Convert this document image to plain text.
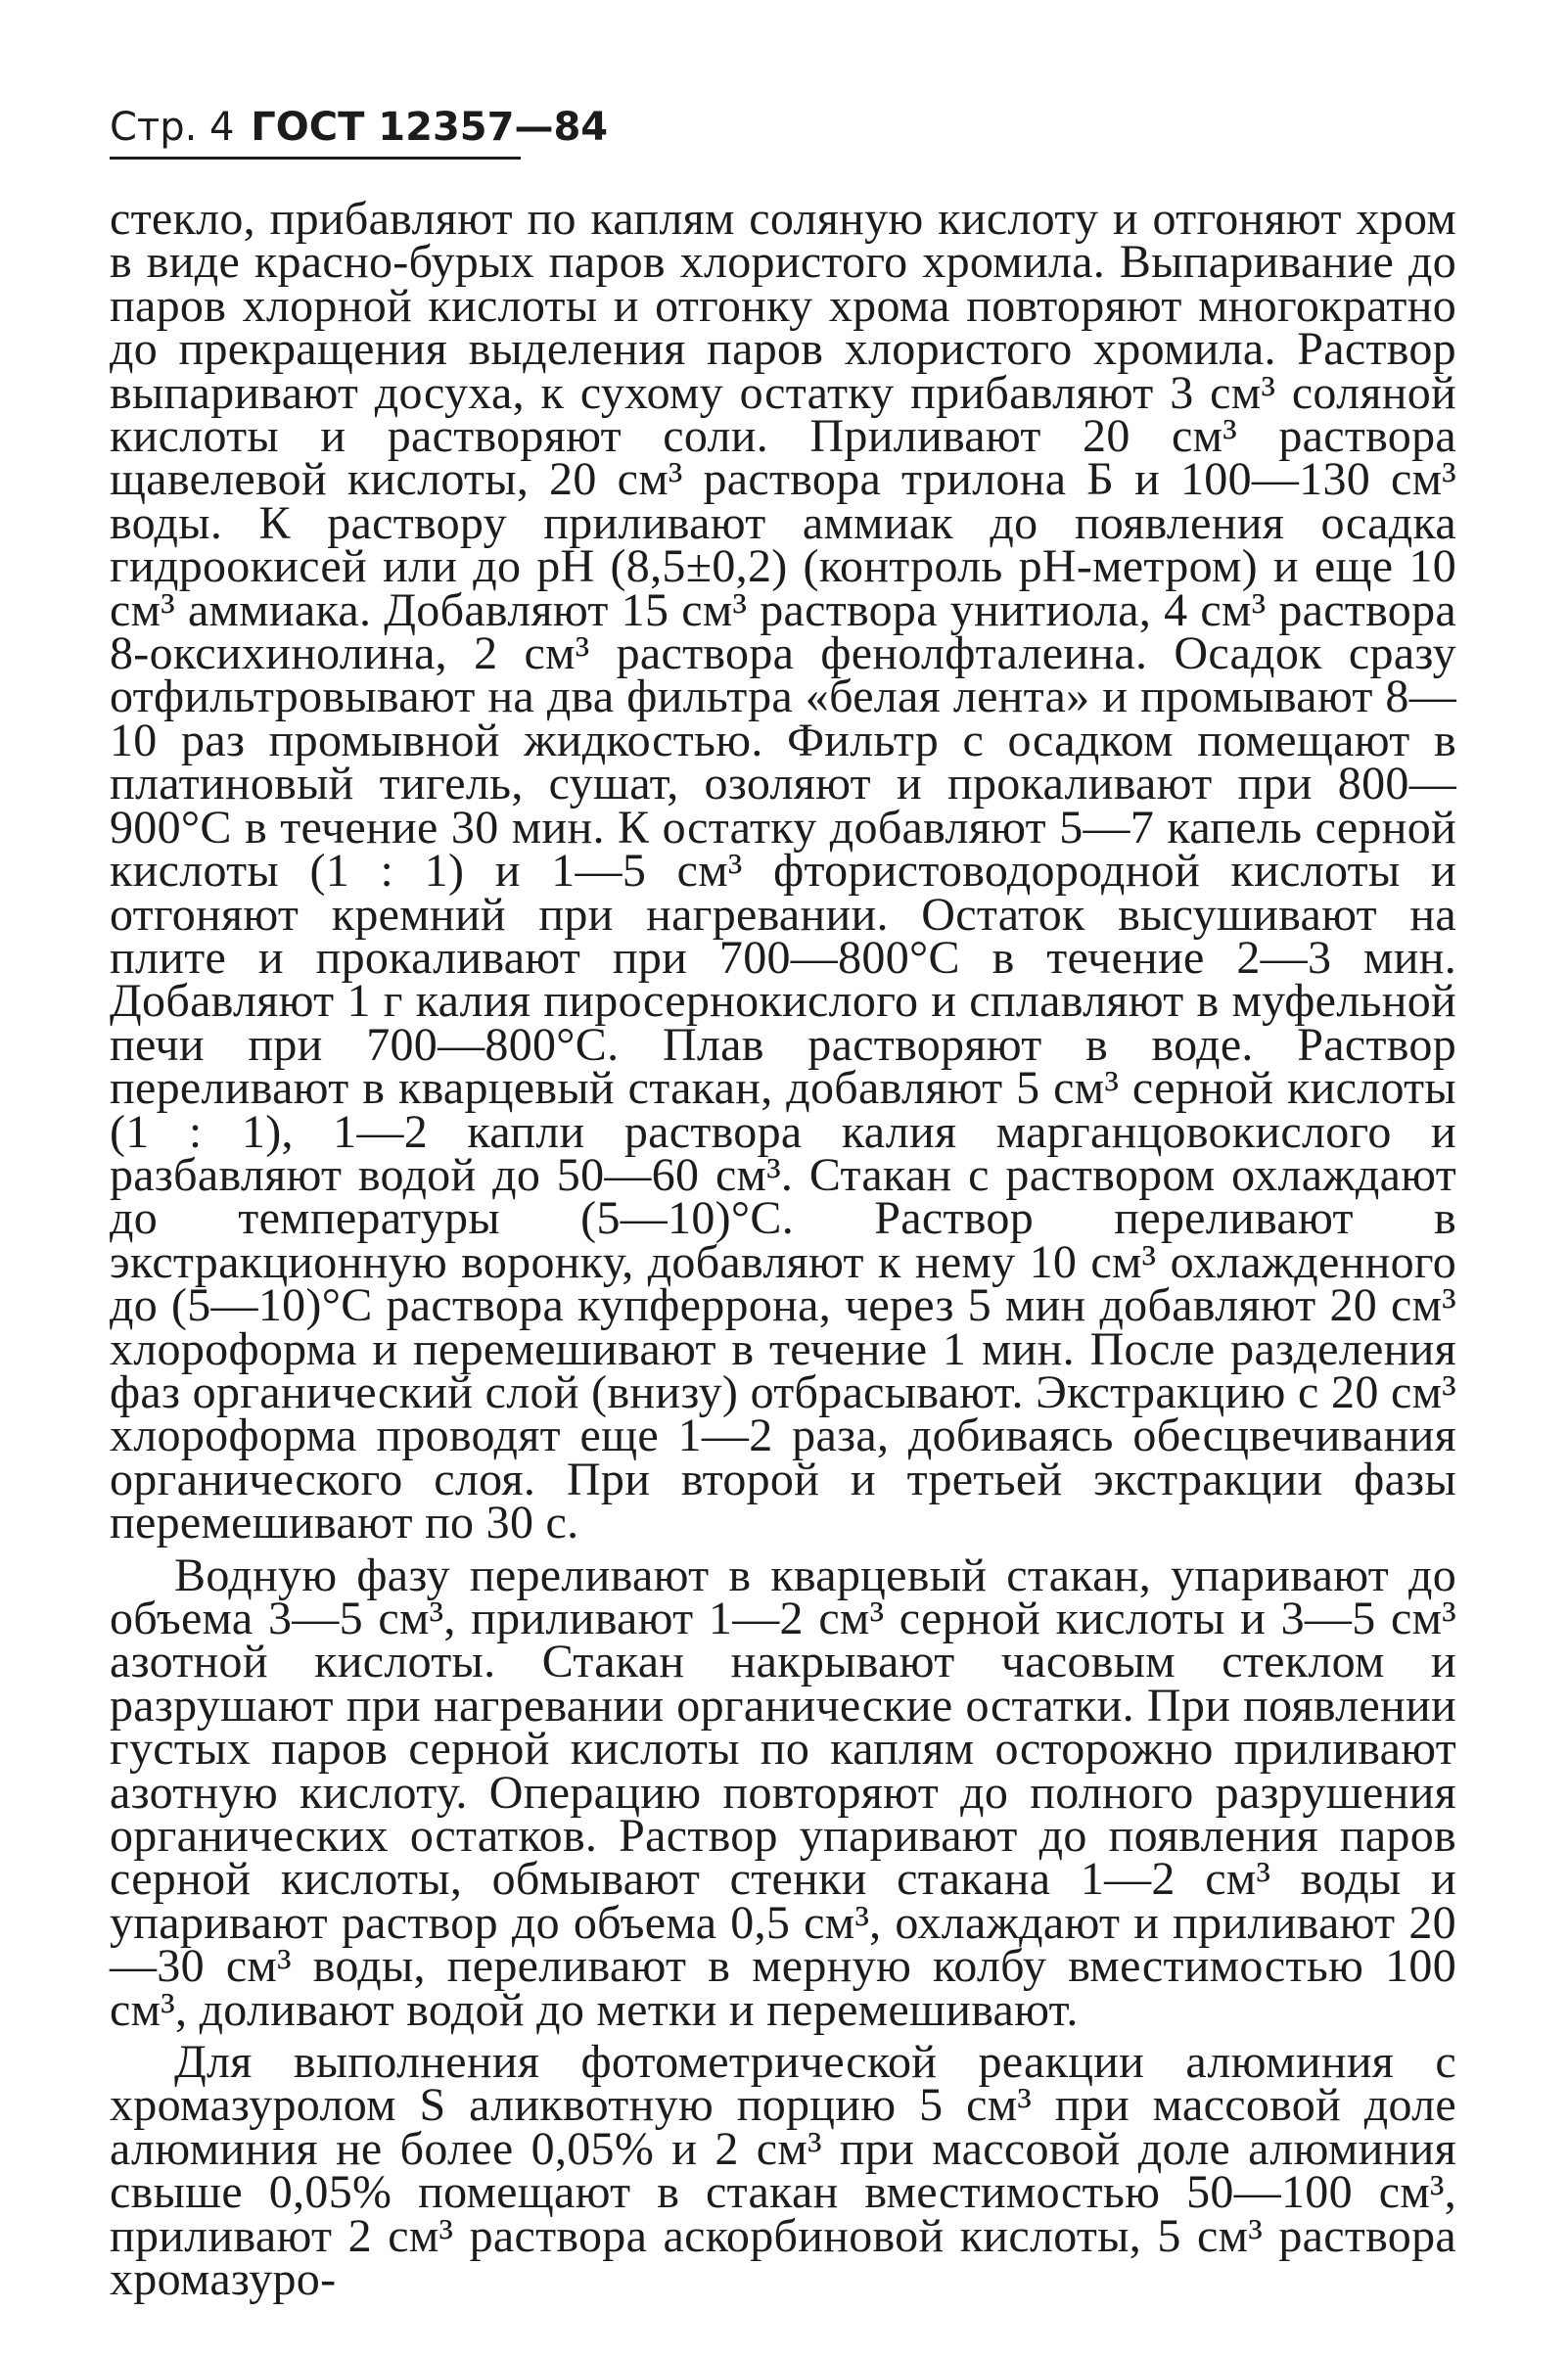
Стр. 4 ГОСТ 12357—84

стекло, прибавляют по каплям соляную кислоту и отгоняют хром в виде красно-бурых паров хлористого хромила. Выпаривание до паров хлорной кислоты и отгонку хрома повторяют многократно до прекращения выделения паров хлористого хромила. Раствор выпаривают досуха, к сухому остатку прибавляют 3 см³ соляной кислоты и растворяют соли. Приливают 20 см³ раствора щавелевой кислоты, 20 см³ раствора трилона Б и 100—130 см³ воды. К раствору приливают аммиак до появления осадка гидроокисей или до pH (8,5±0,2) (контроль pH-метром) и еще 10 см³ аммиака. Добавляют 15 см³ раствора унитиола, 4 см³ раствора 8-оксихинолина, 2 см³ раствора фенолфталеина. Осадок сразу отфильтровывают на два фильтра «белая лента» и промывают 8—10 раз промывной жидкостью. Фильтр с осадком помещают в платиновый тигель, сушат, озоляют и прокаливают при 800—900°С в течение 30 мин. К остатку добавляют 5—7 капель серной кислоты (1 : 1) и 1—5 см³ фтористоводородной кислоты и отгоняют кремний при нагревании. Остаток высушивают на плите и прокаливают при 700—800°С в течение 2—3 мин. Добавляют 1 г калия пиросернокислого и сплавляют в муфельной печи при 700—800°С. Плав растворяют в воде. Раствор переливают в кварцевый стакан, добавляют 5 см³ серной кислоты (1 : 1), 1—2 капли раствора калия марганцовокислого и разбавляют водой до 50—60 см³. Стакан с раствором охлаждают до температуры (5—10)°С. Раствор переливают в экстракционную воронку, добавляют к нему 10 см³ охлажденного до (5—10)°С раствора купферрона, через 5 мин добавляют 20 см³ хлороформа и перемешивают в течение 1 мин. После разделения фаз органический слой (внизу) отбрасывают. Экстракцию с 20 см³ хлороформа проводят еще 1—2 раза, добиваясь обесцвечивания органического слоя. При второй и третьей экстракции фазы перемешивают по 30 с.

Водную фазу переливают в кварцевый стакан, упаривают до объема 3—5 см³, приливают 1—2 см³ серной кислоты и 3—5 см³ азотной кислоты. Стакан накрывают часовым стеклом и разрушают при нагревании органические остатки. При появлении густых паров серной кислоты по каплям осторожно приливают азотную кислоту. Операцию повторяют до полного разрушения органических остатков. Раствор упаривают до появления паров серной кислоты, обмывают стенки стакана 1—2 см³ воды и упаривают раствор до объема 0,5 см³, охлаждают и приливают 20—30 см³ воды, переливают в мерную колбу вместимостью 100 см³, доливают водой до метки и перемешивают.

Для выполнения фотометрической реакции алюминия с хромазуролом S аликвотную порцию 5 см³ при массовой доле алюминия не более 0,05% и 2 см³ при массовой доле алюминия свыше 0,05% помещают в стакан вместимостью 50—100 см³, приливают 2 см³ раствора аскорбиновой кислоты, 5 см³ раствора хромазуро-
